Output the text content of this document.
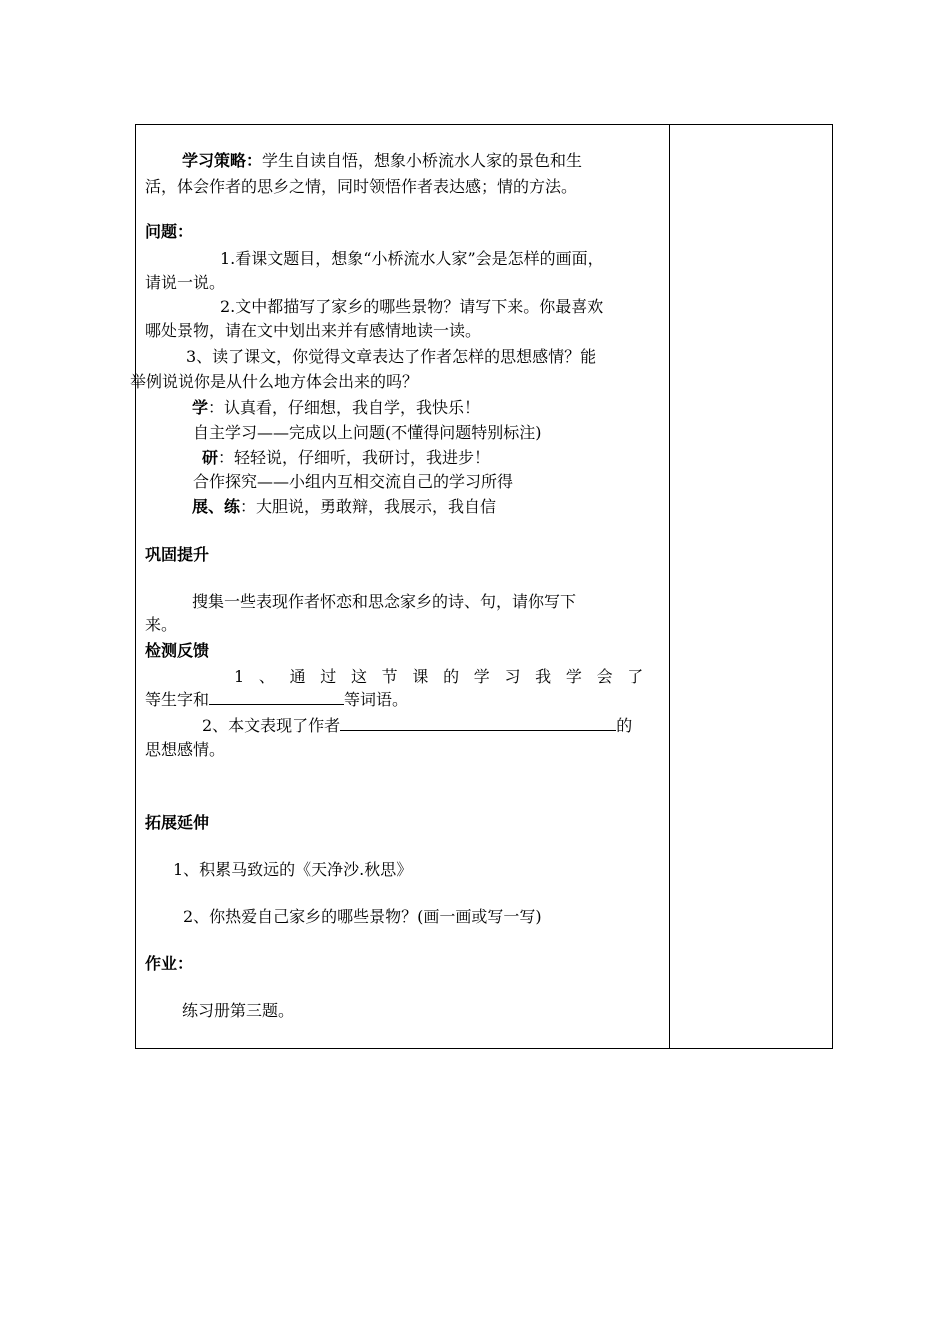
学习策略：学生自读自悟，想象小桥流水人家的景色和生
活，体会作者的思乡之情，同时领悟作者表达感；情的方法。
问题：
1.看课文题目，想象“小桥流水人家”会是怎样的画面，
请说一说。
2.文中都描写了家乡的哪些景物？请写下来。你最喜欢
哪处景物，请在文中划出来并有感情地读一读。
3、读了课文，你觉得文章表达了作者怎样的思想感情？能
举例说说你是从什么地方体会出来的吗？
学：认真看，仔细想，我自学，我快乐！
自主学习——完成以上问题(不懂得问题特别标注)
研：轻轻说，仔细听，我研讨，我进步！
合作探究——小组内互相交流自己的学习所得
展、练：大胆说，勇敢辩，我展示，我自信
巩固提升
搜集一些表现作者怀恋和思念家乡的诗、句，请你写下
来。
检测反馈
1、通过这节课的学习我学会了
等生字和	等词语。
2、本文表现了作者	的
思想感情。
拓展延伸
1、积累马致远的《天净沙.秋思》
2、你热爱自己家乡的哪些景物？(画一画或写一写)
作业：
练习册第三题。
